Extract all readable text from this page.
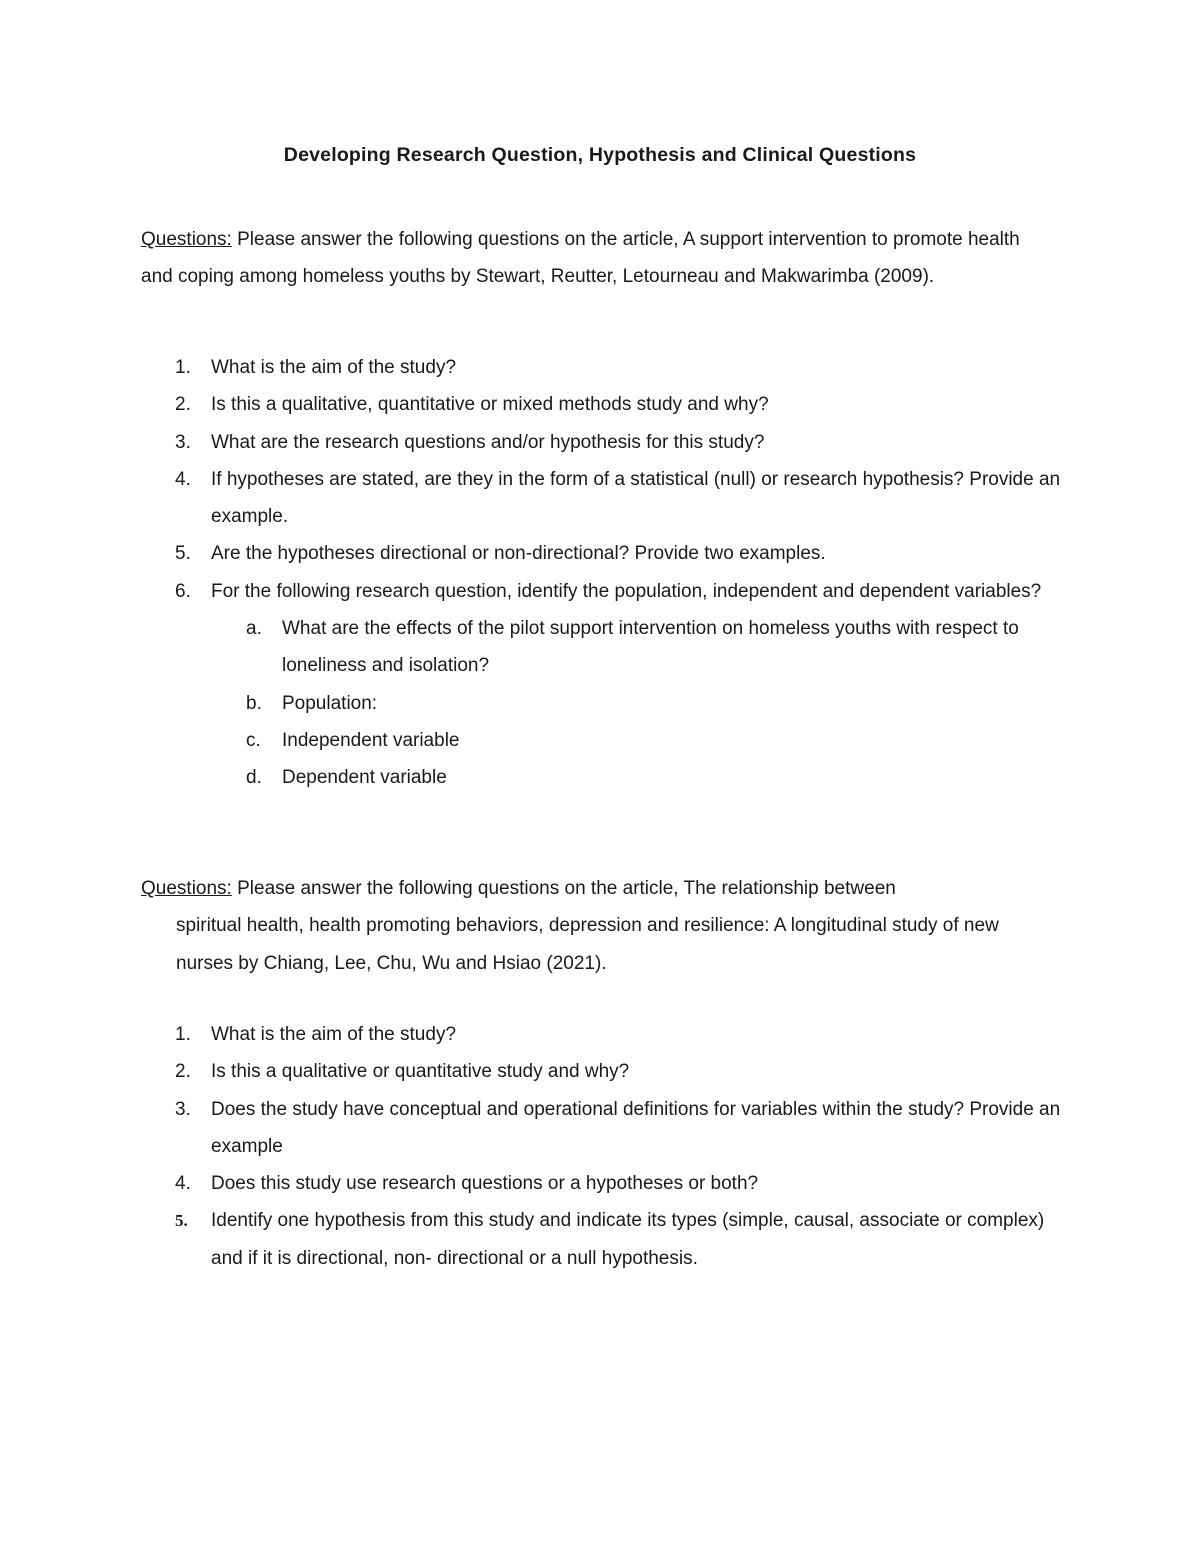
Developing Research Question, Hypothesis and Clinical Questions
Questions: Please answer the following questions on the article, A support intervention to promote health and coping among homeless youths by Stewart, Reutter, Letourneau and Makwarimba (2009).
1.	What is the aim of the study?
2.	Is this a qualitative, quantitative or mixed methods study and why?
3.	What are the research questions and/or hypothesis for this study?
4.	If hypotheses are stated, are they in the form of a statistical (null) or research hypothesis? Provide an example.
5.	Are the hypotheses directional or non-directional? Provide two examples.
6.	For the following research question, identify the population, independent and dependent variables?
a.	What are the effects of the pilot support intervention on homeless youths with respect to loneliness and isolation?
b.	Population:
c.	Independent variable
d.	Dependent variable
Questions: Please answer the following questions on the article, The relationship between
spiritual health, health promoting behaviors, depression and resilience: A longitudinal study of new nurses by Chiang, Lee, Chu, Wu and Hsiao (2021).
1.	What is the aim of the study?
2.	Is this a qualitative or quantitative study and why?
3.	Does the study have conceptual and operational definitions for variables within the study? Provide an example
4.	Does this study use research questions or a hypotheses or both?
5.	Identify one hypothesis from this study and indicate its types (simple, causal, associate or complex) and if it is directional, non- directional or a null hypothesis.
